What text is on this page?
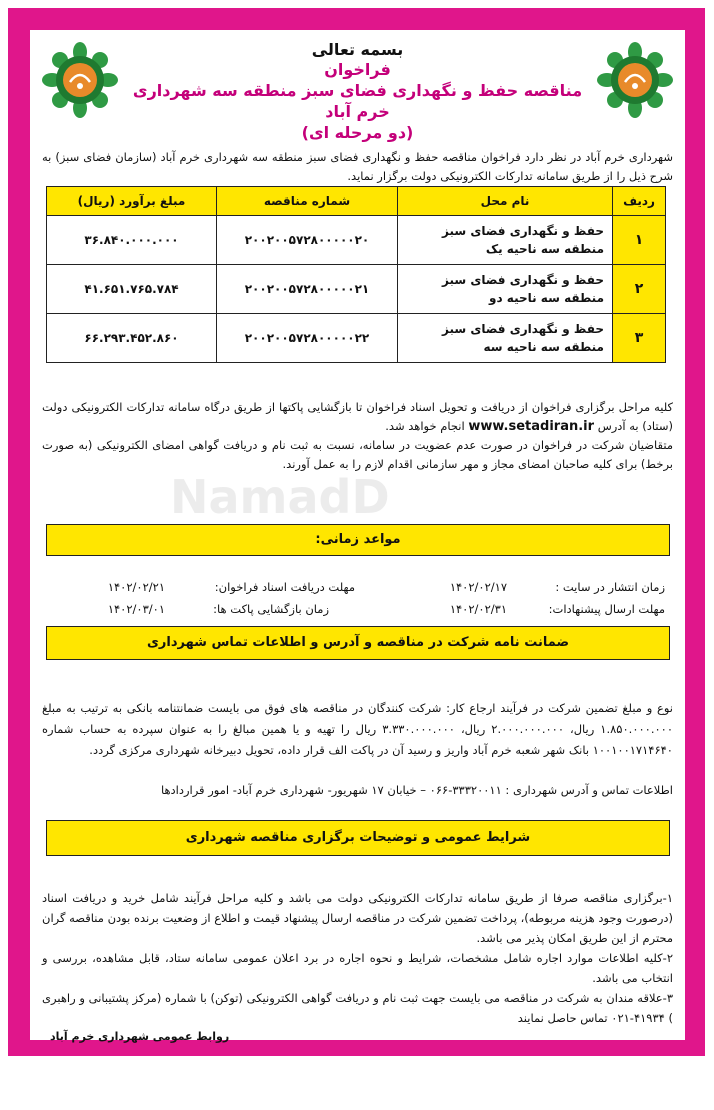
NamadD
بسمه تعالی
فراخوان
مناقصه حفظ و نگهداری فضای سبز منطقه سه شهرداری خرم آباد
(دو مرحله ای)
شهرداری خرم آباد در نظر دارد فراخوان مناقصه حفظ و نگهداری فضای سبز منطقه سه شهرداری خرم آباد (سازمان فضای سبز) به شرح ذیل را از طریق سامانه تدارکات الکترونیکی دولت برگزار نماید.
ردیف	نام محل	شماره مناقصه	مبلغ برآورد (ریال)
۱	حفظ و نگهداری فضای سبز منطقه سه ناحیه یک	۲۰۰۲۰۰۵۷۲۸۰۰۰۰۰۲۰	۳۶.۸۴۰.۰۰۰.۰۰۰
۲	حفظ و نگهداری فضای سبز منطقه سه ناحیه دو	۲۰۰۲۰۰۵۷۲۸۰۰۰۰۰۲۱	۴۱.۶۵۱.۷۶۵.۷۸۴
۳	حفظ و نگهداری فضای سبز منطقه سه ناحیه سه	۲۰۰۲۰۰۵۷۲۸۰۰۰۰۰۲۲	۶۶.۲۹۳.۴۵۲.۸۶۰
کلیه مراحل برگزاری فراخوان از دریافت و تحویل اسناد فراخوان تا بازگشایی پاکتها از طریق درگاه سامانه تدارکات الکترونیکی دولت (ستاد) به آدرس www.setadiran.ir انجام خواهد شد.
متقاضیان شرکت در فراخوان در صورت عدم عضویت در سامانه، نسبت به ثبت نام و دریافت گواهی امضای الکترونیکی (به صورت برخط) برای کلیه صاحبان امضای مجاز و مهر سازمانی اقدام لازم را به عمل آورند.
مواعد زمانی:
زمان انتشار در سایت :
۱۴۰۲/۰۲/۱۷
مهلت دریافت اسناد فراخوان:
۱۴۰۲/۰۲/۲۱
مهلت ارسال پیشنهادات:
۱۴۰۲/۰۲/۳۱
زمان بازگشایی پاکت ها:
۱۴۰۲/۰۳/۰۱
ضمانت نامه شرکت در مناقصه و آدرس و اطلاعات تماس شهرداری
نوع و مبلغ تضمین شرکت در فرآیند ارجاع کار: شرکت کنندگان در مناقصه های فوق می بایست ضمانتنامه بانکی به ترتیب به مبلغ ۱.۸۵۰.۰۰۰.۰۰۰ ریال، ۲.۰۰۰.۰۰۰.۰۰۰ ریال، ۳.۳۳۰.۰۰۰.۰۰۰ ریال را تهیه و یا همین مبالغ را به عنوان سپرده به حساب شماره ۱۰۰۱۰۰۱۷۱۴۶۴۰ بانک شهر شعبه خرم آباد واریز و رسید آن در پاکت الف قرار داده، تحویل دبیرخانه شهرداری مرکزی گردد.
اطلاعات تماس و آدرس شهرداری : ۳۳۳۲۰۰۱۱-۰۶۶ – خیابان ۱۷ شهریور- شهرداری خرم آباد- امور قراردادها
شرایط عمومی و توضیحات برگزاری مناقصه شهرداری

۱-برگزاری مناقصه صرفا از طریق سامانه تدارکات الکترونیکی دولت می باشد و کلیه مراحل فرآیند شامل خرید و دریافت اسناد (درصورت وجود هزینه مربوطه)، پرداخت تضمین شرکت در مناقصه ارسال پیشنهاد قیمت و اطلاع از وضعیت برنده بودن مناقصه گران محترم از این طریق امکان پذیر می باشد.

۲-کلیه اطلاعات موارد اجاره شامل مشخصات، شرایط و نحوه اجاره در برد اعلان عمومی سامانه ستاد، قابل مشاهده، بررسی و انتخاب می باشد.

۳-علاقه مندان به شرکت در مناقصه می بایست جهت ثبت نام و دریافت گواهی الکترونیکی (توکن) با شماره (مرکز پشتیبانی و راهبری ) ۴۱۹۳۴-۰۲۱ تماس حاصل نمایند

روابط عمومی شهرداری خرم آباد
